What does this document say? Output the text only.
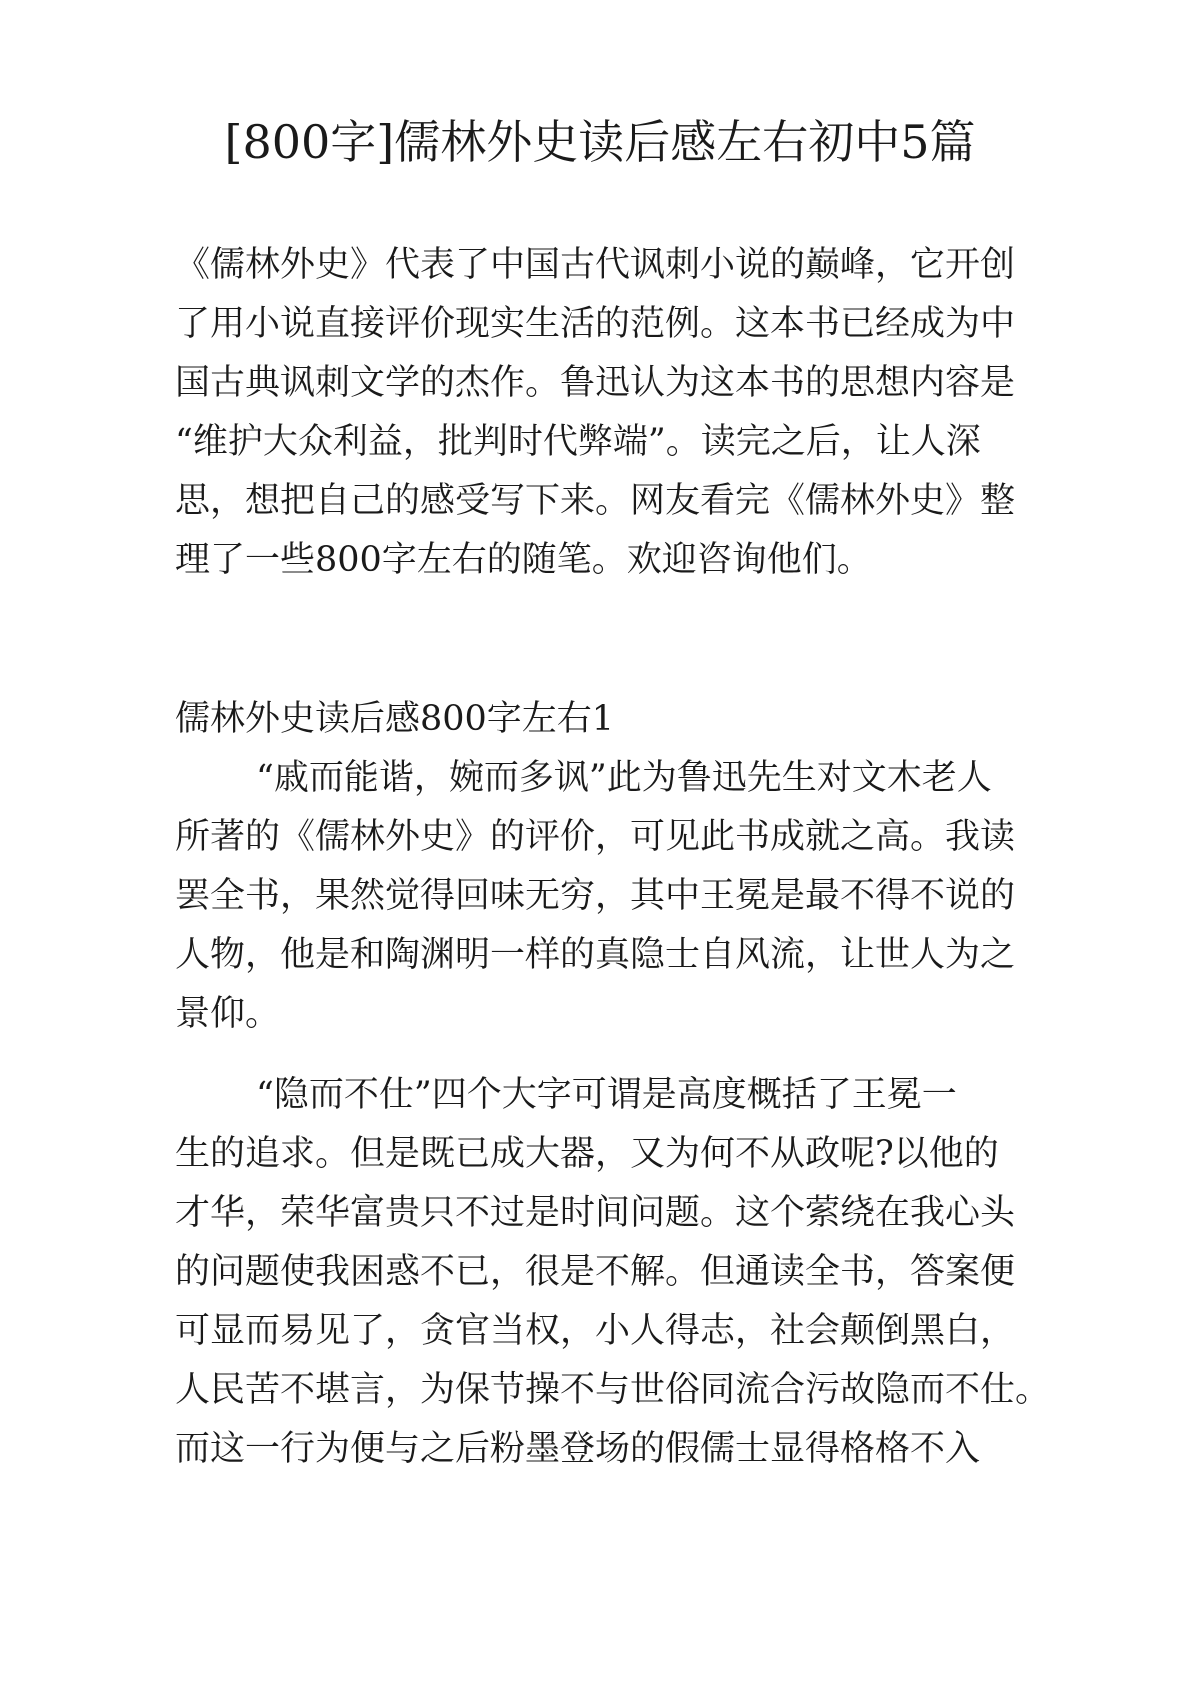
[800字]儒林外史读后感左右初中5篇
《儒林外史》代表了中国古代讽刺小说的巅峰，它开创
了用小说直接评价现实生活的范例。这本书已经成为中
国古典讽刺文学的杰作。鲁迅认为这本书的思想内容是
“维护大众利益，批判时代弊端”。读完之后，让人深
思，想把自己的感受写下来。网友看完《儒林外史》整
理了一些800字左右的随笔。欢迎咨询他们。
儒林外史读后感800字左右1
“戚而能谐，婉而多讽”此为鲁迅先生对文木老人
所著的《儒林外史》的评价，可见此书成就之高。我读
罢全书，果然觉得回味无穷，其中王冕是最不得不说的
人物，他是和陶渊明一样的真隐士自风流，让世人为之
景仰。
“隐而不仕”四个大字可谓是高度概括了王冕一
生的追求。但是既已成大器，又为何不从政呢?以他的
才华，荣华富贵只不过是时间问题。这个萦绕在我心头
的问题使我困惑不已，很是不解。但通读全书，答案便
可显而易见了，贪官当权，小人得志，社会颠倒黑白，
人民苦不堪言，为保节操不与世俗同流合污故隐而不仕。
而这一行为便与之后粉墨登场的假儒士显得格格不入
